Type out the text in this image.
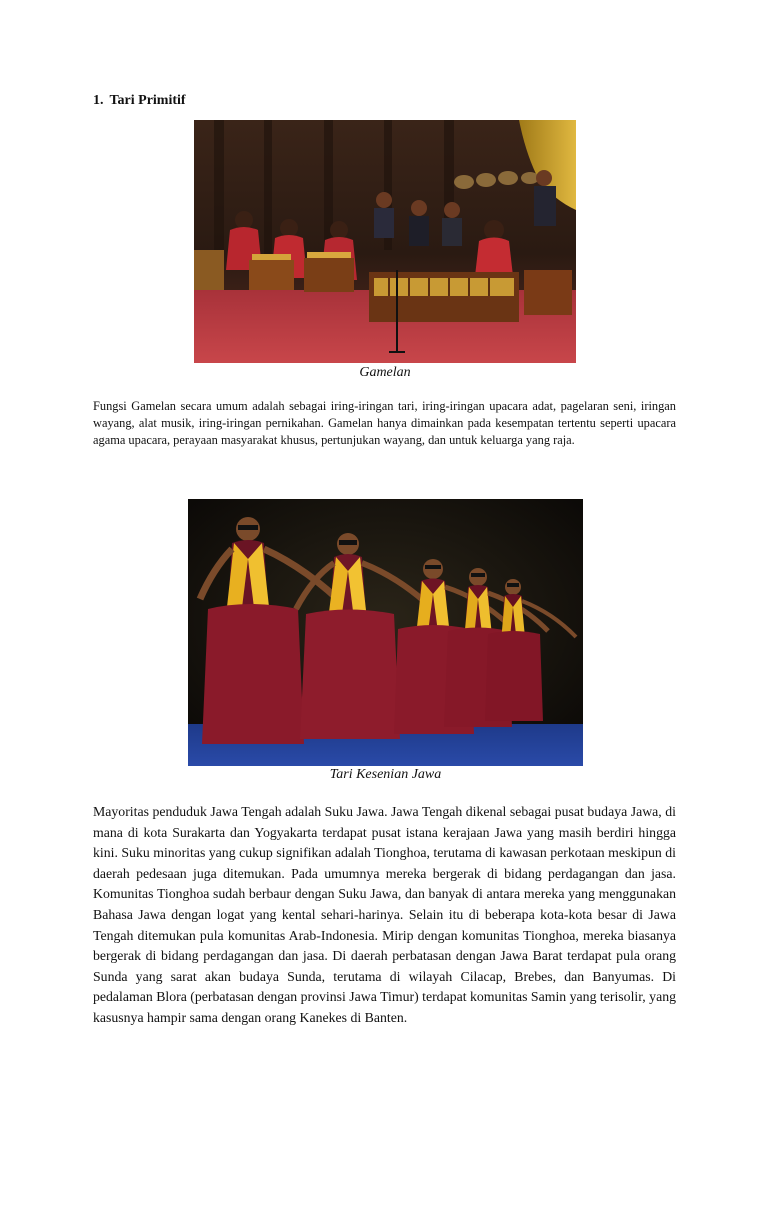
1. Tari Primitif

Gamelan

Fungsi Gamelan secara umum adalah sebagai iring-iringan tari, iring-iringan upacara adat, pagelaran seni, iringan wayang, alat musik, iring-iringan pernikahan. Gamelan hanya dimainkan pada kesempatan tertentu seperti upacara agama upacara, perayaan masyarakat khusus, pertunjukan wayang, dan untuk keluarga yang raja.

Tari Kesenian Jawa

Mayoritas penduduk Jawa Tengah adalah Suku Jawa. Jawa Tengah dikenal sebagai pusat budaya Jawa, di mana di kota Surakarta dan Yogyakarta terdapat pusat istana kerajaan Jawa yang masih berdiri hingga kini. Suku minoritas yang cukup signifikan adalah Tionghoa, terutama di kawasan perkotaan meskipun di daerah pedesaan juga ditemukan. Pada umumnya mereka bergerak di bidang perdagangan dan jasa. Komunitas Tionghoa sudah berbaur dengan Suku Jawa, dan banyak di antara mereka yang menggunakan Bahasa Jawa dengan logat yang kental sehari-harinya. Selain itu di beberapa kota-kota besar di Jawa Tengah ditemukan pula komunitas Arab-Indonesia. Mirip dengan komunitas Tionghoa, mereka biasanya bergerak di bidang perdagangan dan jasa. Di daerah perbatasan dengan Jawa Barat terdapat pula orang Sunda yang sarat akan budaya Sunda, terutama di wilayah Cilacap, Brebes, dan Banyumas. Di pedalaman Blora (perbatasan dengan provinsi Jawa Timur) terdapat komunitas Samin yang terisolir, yang kasusnya hampir sama dengan orang Kanekes di Banten.
